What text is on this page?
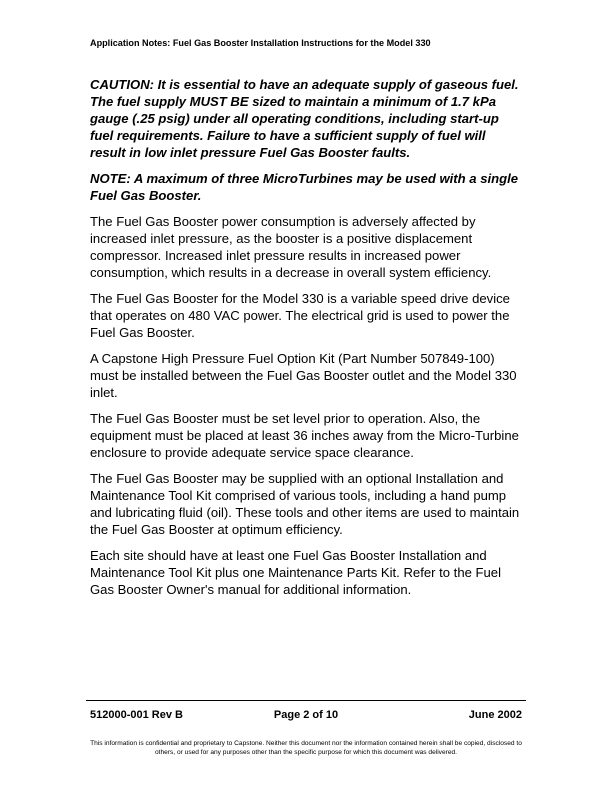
Application Notes: Fuel Gas Booster Installation Instructions for the Model 330

CAUTION: It is essential to have an adequate supply of gaseous fuel. The fuel supply MUST BE sized to maintain a minimum of 1.7 kPa gauge (.25 psig) under all operating conditions, including start-up fuel requirements. Failure to have a sufficient supply of fuel will result in low inlet pressure Fuel Gas Booster faults.

NOTE: A maximum of three MicroTurbines may be used with a single Fuel Gas Booster.

The Fuel Gas Booster power consumption is adversely affected by increased inlet pressure, as the booster is a positive displacement compressor. Increased inlet pressure results in increased power consumption, which results in a decrease in overall system efficiency.

The Fuel Gas Booster for the Model 330 is a variable speed drive device that operates on 480 VAC power. The electrical grid is used to power the Fuel Gas Booster.

A Capstone High Pressure Fuel Option Kit (Part Number 507849-100) must be installed between the Fuel Gas Booster outlet and the Model 330 inlet.

The Fuel Gas Booster must be set level prior to operation. Also, the equipment must be placed at least 36 inches away from the Micro-Turbine enclosure to provide adequate service space clearance.

The Fuel Gas Booster may be supplied with an optional Installation and Maintenance Tool Kit comprised of various tools, including a hand pump and lubricating fluid (oil). These tools and other items are used to maintain the Fuel Gas Booster at optimum efficiency.

Each site should have at least one Fuel Gas Booster Installation and Maintenance Tool Kit plus one Maintenance Parts Kit. Refer to the Fuel Gas Booster Owner's manual for additional information.

512000-001 Rev B	Page 2 of 10	June 2002
This information is confidential and proprietary to Capstone. Neither this document nor the information contained herein shall be copied, disclosed to others, or used for any purposes other than the specific purpose for which this document was delivered.
